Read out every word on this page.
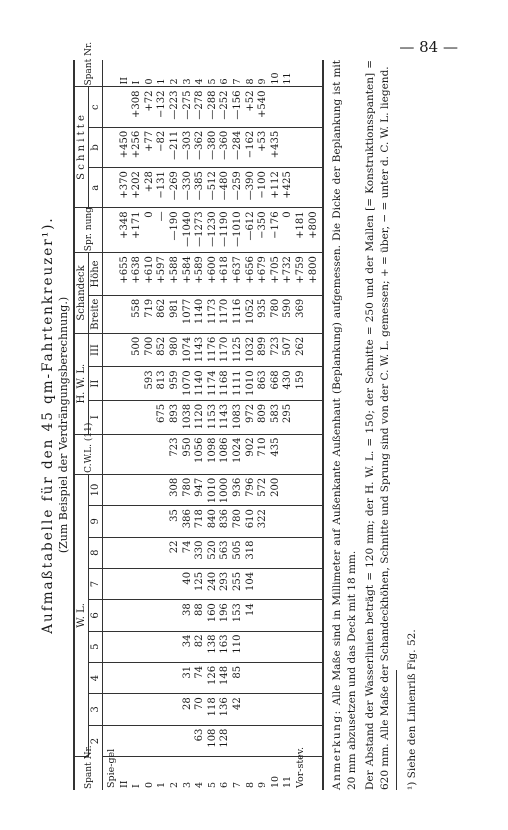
— 84 —
Aufmaßtabelle für den 45 qm-Fahrtenkreuzer¹). (Zum Beispiel der Verdrängungsberechnung.)
Spant Nr.	W. L.									C.W.L. (11)	H. W. L.			Schandeck		Spr. nung	S c h n i t t e			Spant Nr.
	2	3	4	5	6	7	8	9	10		I	II	III	Breite	Höhe		a	b	c	
Spie-gel																				
II															+655	+348	+370	+450		II
I													500	558	+638	+171	+202	+256	+308	I
0												593	700	719	+610	0	+28	+77	+72	0
1											675	813	852	862	+597	—	−131	−82	−132	1
2							22	35	308	723	893	959	980	981	+588	—190	—269	—211	—223	2
3		28	31	34	38	40	74	386	780	950	1038	1070	1074	1077	+584	—1040	—330	—303	—275	3
4	63	70	74	82	88	125	330	718	947	1056	1120	1140	1143	1140	+589	—1273	—385	—362	—278	4
5	108	118	126	138	160	240	520	840	1010	1098	1153	1174	1176	1173	+600	—1230	—512	—380	—288	5
6	128	136	148	163	196	293	563	836	1000	1086	1143	1168	1170	1170	+618	—1190	—480	—360	—252	6
7		42	85	110	153	255	505	780	936	1024	1083	1111	1125	1116	+637	—1010	—259	—284	—156	7
8					14	104	318	610	796	902	972	1010	1032	1052	+656	—612	—390	−162	+52	8
9								322	572	710	809	863	899	935	+679	−350	−100	+53	+540	9
10									200	435	583	668	723	780	+705	−176	+112	+435		10
11											295	430	507	590	+732	0	+425			11
Vor-stev.												159	262	369	+759	+181				
															+800	+800				

Anmerkung: Alle Maße sind in Millimeter auf Außenkante Außenhaut (Beplankung) aufgemessen. Die Dicke der Beplankung ist mit 20 mm abzusetzen und das Deck mit 18 mm. Der Abstand der Wasserlinien beträgt = 120 mm; der H. W. L. = 150; der Schnitte = 250 und der Mallen [= Konstruktionsspanten] = 620 mm. Alle Maße der Schandeckhöhen, Schnitte und Sprung sind von der C. W. L. gemessen; + = über, − = unter d. C. W. L. liegend. ¹) Siehe den Linienriß Fig. 52.
